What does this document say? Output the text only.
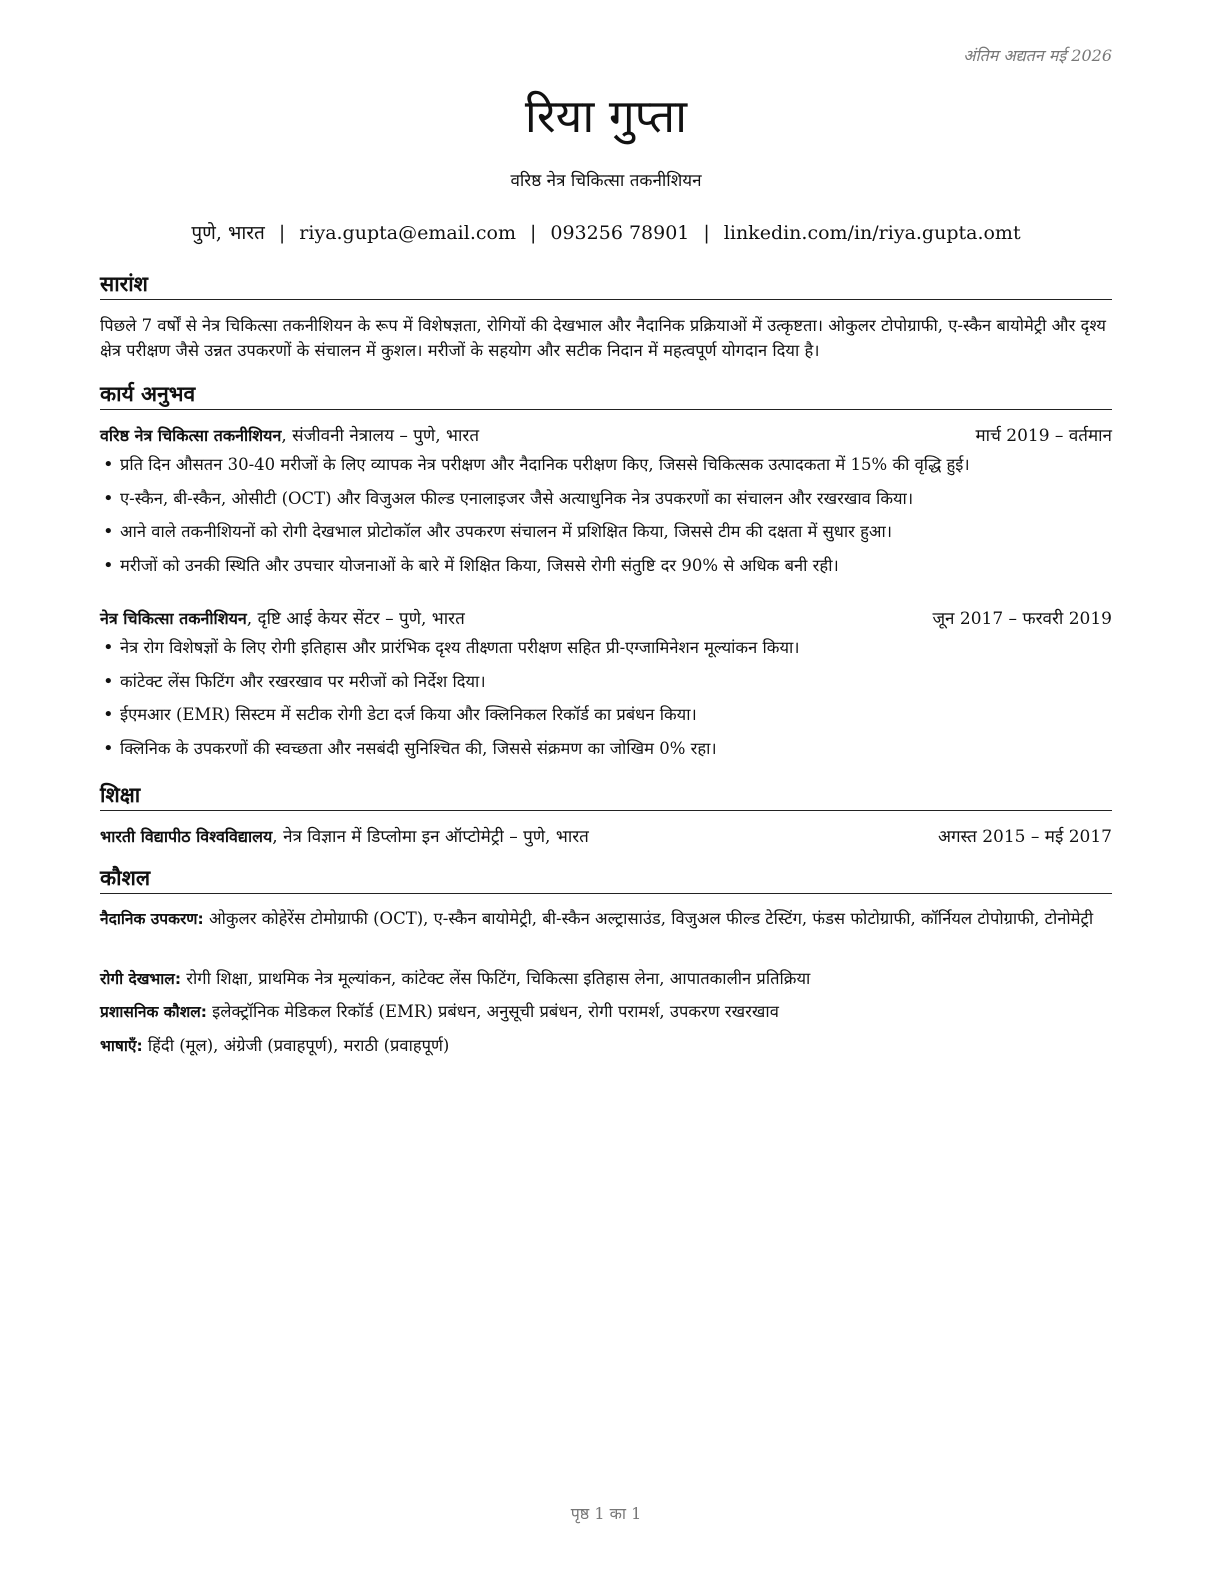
अंतिम अद्यतन मई 2026
रिया गुप्ता
वरिष्ठ नेत्र चिकित्सा तकनीशियन
पुणे, भारत | riya.gupta@email.com | 093256 78901 | linkedin.com/in/riya.gupta.omt
सारांश
पिछले 7 वर्षों से नेत्र चिकित्सा तकनीशियन के रूप में विशेषज्ञता, रोगियों की देखभाल और नैदानिक प्रक्रियाओं में उत्कृष्टता। ओकुलर टोपोग्राफी, ए-स्कैन बायोमेट्री और दृश्य क्षेत्र परीक्षण जैसे उन्नत उपकरणों के संचालन में कुशल। मरीजों के सहयोग और सटीक निदान में महत्वपूर्ण योगदान दिया है।
कार्य अनुभव
वरिष्ठ नेत्र चिकित्सा तकनीशियन, संजीवनी नेत्रालय – पुणे, भारत	मार्च 2019 – वर्तमान
• प्रति दिन औसतन 30-40 मरीजों के लिए व्यापक नेत्र परीक्षण और नैदानिक परीक्षण किए, जिससे चिकित्सक उत्पादकता में 15% की वृद्धि हुई।
• ए-स्कैन, बी-स्कैन, ओसीटी (OCT) और विजुअल फील्ड एनालाइजर जैसे अत्याधुनिक नेत्र उपकरणों का संचालन और रखरखाव किया।
• आने वाले तकनीशियनों को रोगी देखभाल प्रोटोकॉल और उपकरण संचालन में प्रशिक्षित किया, जिससे टीम की दक्षता में सुधार हुआ।
• मरीजों को उनकी स्थिति और उपचार योजनाओं के बारे में शिक्षित किया, जिससे रोगी संतुष्टि दर 90% से अधिक बनी रही।
नेत्र चिकित्सा तकनीशियन, दृष्टि आई केयर सेंटर – पुणे, भारत	जून 2017 – फरवरी 2019
• नेत्र रोग विशेषज्ञों के लिए रोगी इतिहास और प्रारंभिक दृश्य तीक्ष्णता परीक्षण सहित प्री-एग्जामिनेशन मूल्यांकन किया।
• कांटेक्ट लेंस फिटिंग और रखरखाव पर मरीजों को निर्देश दिया।
• ईएमआर (EMR) सिस्टम में सटीक रोगी डेटा दर्ज किया और क्लिनिकल रिकॉर्ड का प्रबंधन किया।
• क्लिनिक के उपकरणों की स्वच्छता और नसबंदी सुनिश्चित की, जिससे संक्रमण का जोखिम 0% रहा।
शिक्षा
भारती विद्यापीठ विश्वविद्यालय, नेत्र विज्ञान में डिप्लोमा इन ऑप्टोमेट्री – पुणे, भारत	अगस्त 2015 – मई 2017
कौशल
नैदानिक उपकरण: ओकुलर कोहेरेंस टोमोग्राफी (OCT), ए-स्कैन बायोमेट्री, बी-स्कैन अल्ट्रासाउंड, विजुअल फील्ड टेस्टिंग, फंडस फोटोग्राफी, कॉर्नियल टोपोग्राफी, टोनोमेट्री
रोगी देखभाल: रोगी शिक्षा, प्राथमिक नेत्र मूल्यांकन, कांटेक्ट लेंस फिटिंग, चिकित्सा इतिहास लेना, आपातकालीन प्रतिक्रिया
प्रशासनिक कौशल: इलेक्ट्रॉनिक मेडिकल रिकॉर्ड (EMR) प्रबंधन, अनुसूची प्रबंधन, रोगी परामर्श, उपकरण रखरखाव
भाषाएँ: हिंदी (मूल), अंग्रेजी (प्रवाहपूर्ण), मराठी (प्रवाहपूर्ण)
पृष्ठ 1 का 1
